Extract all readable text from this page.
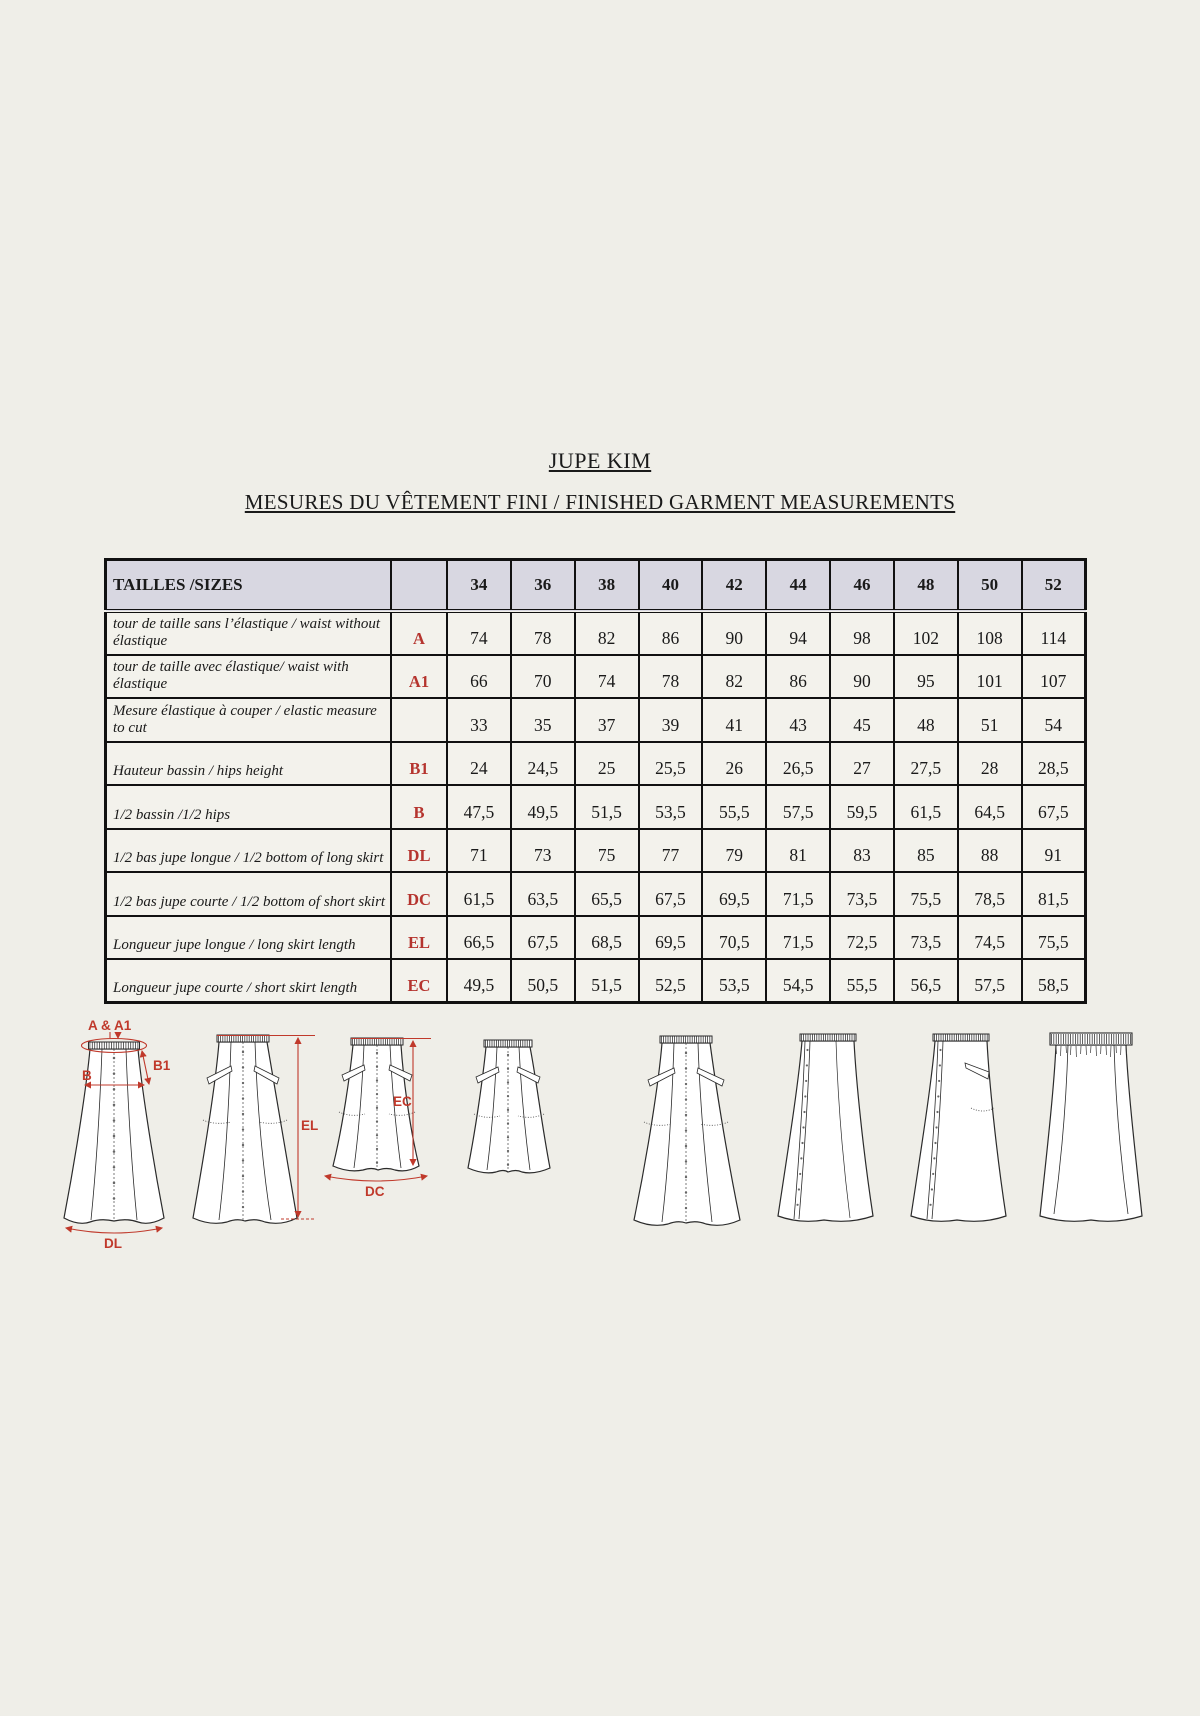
JUPE KIM
MESURES DU VÊTEMENT FINI / FINISHED GARMENT MEASUREMENTS
TAILLES /SIZES		34	36	38	40	42	44	46	48	50	52
tour de taille sans l’élastique / waist without élastique	A	74	78	82	86	90	94	98	102	108	114
tour de taille avec élastique/ waist with élastique	A1	66	70	74	78	82	86	90	95	101	107
Mesure élastique à couper / elastic measure to cut		33	35	37	39	41	43	45	48	51	54
Hauteur bassin / hips height	B1	24	24,5	25	25,5	26	26,5	27	27,5	28	28,5
1/2 bassin /1/2 hips	B	47,5	49,5	51,5	53,5	55,5	57,5	59,5	61,5	64,5	67,5
1/2 bas jupe longue / 1/2 bottom of long skirt	DL	71	73	75	77	79	81	83	85	88	91
1/2 bas jupe courte / 1/2 bottom of short skirt	DC	61,5	63,5	65,5	67,5	69,5	71,5	73,5	75,5	78,5	81,5
Longueur jupe longue / long skirt length	EL	66,5	67,5	68,5	69,5	70,5	71,5	72,5	73,5	74,5	75,5
Longueur jupe courte / short skirt length	EC	49,5	50,5	51,5	52,5	53,5	54,5	55,5	56,5	57,5	58,5
A & A1
B1
B
DL
EL
EC
DC
